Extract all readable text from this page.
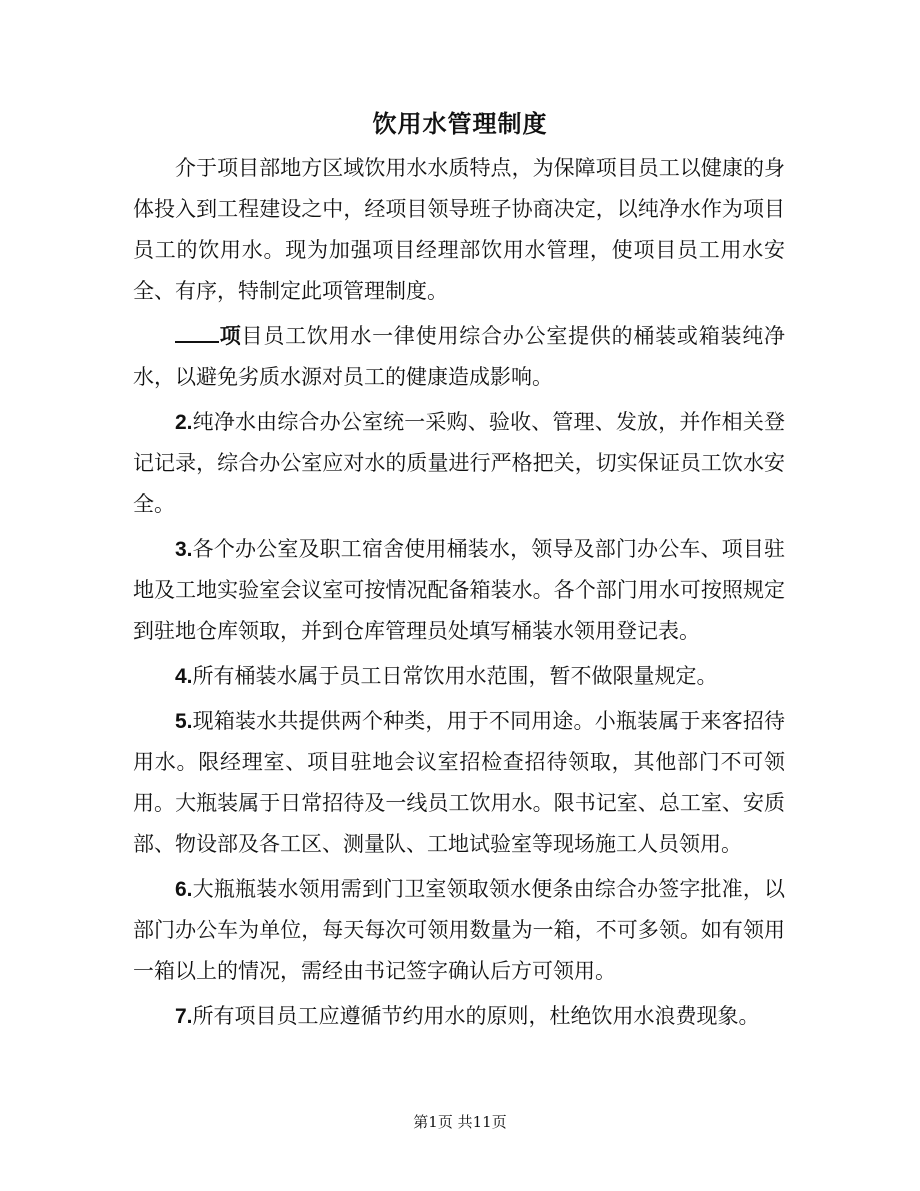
饮用水管理制度

介于项目部地方区域饮用水水质特点，为保障项目员工以健康的身体投入到工程建设之中，经项目领导班子协商决定，以纯净水作为项目员工的饮用水。现为加强项目经理部饮用水管理，使项目员工用水安全、有序，特制定此项管理制度。

项目员工饮用水一律使用综合办公室提供的桶装或箱装纯净水，以避免劣质水源对员工的健康造成影响。

2.纯净水由综合办公室统一采购、验收、管理、发放，并作相关登记记录，综合办公室应对水的质量进行严格把关，切实保证员工饮水安全。

3.各个办公室及职工宿舍使用桶装水，领导及部门办公车、项目驻地及工地实验室会议室可按情况配备箱装水。各个部门用水可按照规定到驻地仓库领取，并到仓库管理员处填写桶装水领用登记表。

4.所有桶装水属于员工日常饮用水范围，暂不做限量规定。

5.现箱装水共提供两个种类，用于不同用途。小瓶装属于来客招待用水。限经理室、项目驻地会议室招检查招待领取，其他部门不可领用。大瓶装属于日常招待及一线员工饮用水。限书记室、总工室、安质部、物设部及各工区、测量队、工地试验室等现场施工人员领用。

6.大瓶瓶装水领用需到门卫室领取领水便条由综合办签字批准，以部门办公车为单位，每天每次可领用数量为一箱，不可多领。如有领用一箱以上的情况，需经由书记签字确认后方可领用。

7.所有项目员工应遵循节约用水的原则，杜绝饮用水浪费现象。

第1页 共11页
